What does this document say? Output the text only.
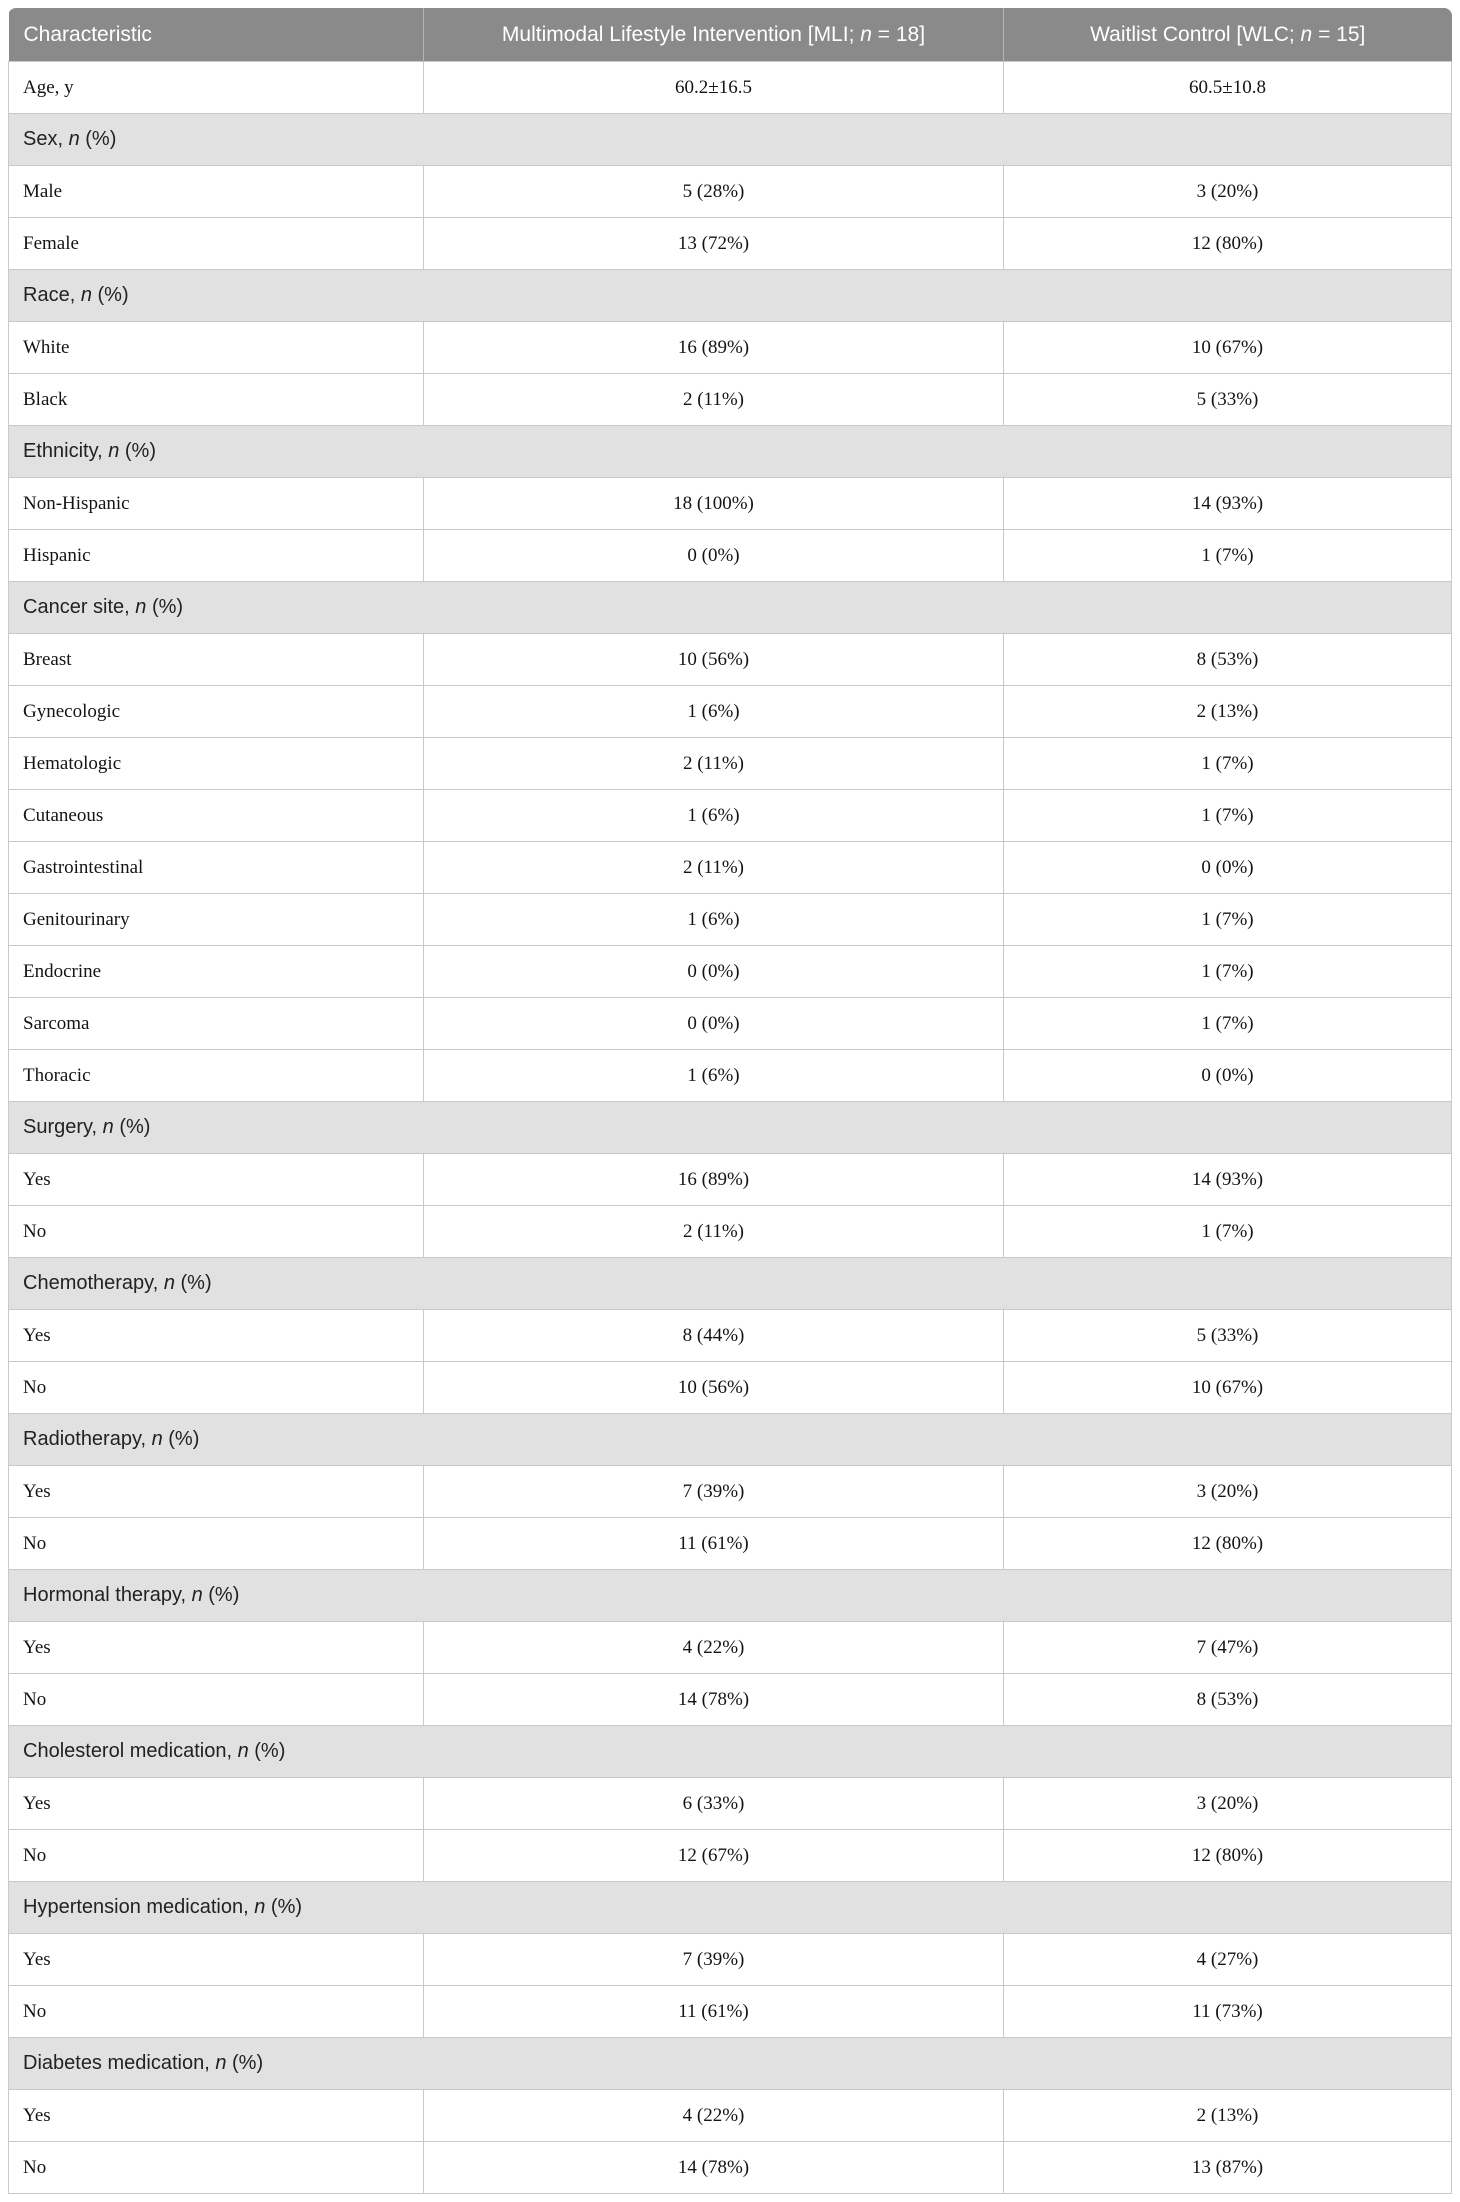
Characteristic	Multimodal Lifestyle Intervention [MLI; n = 18]	Waitlist Control [WLC; n = 15]
Age, y	60.2±16.5	60.5±10.8
Sex, n (%)		
Male	5 (28%)	3 (20%)
Female	13 (72%)	12 (80%)
Race, n (%)		
White	16 (89%)	10 (67%)
Black	2 (11%)	5 (33%)
Ethnicity, n (%)		
Non-Hispanic	18 (100%)	14 (93%)
Hispanic	0 (0%)	1 (7%)
Cancer site, n (%)		
Breast	10 (56%)	8 (53%)
Gynecologic	1 (6%)	2 (13%)
Hematologic	2 (11%)	1 (7%)
Cutaneous	1 (6%)	1 (7%)
Gastrointestinal	2 (11%)	0 (0%)
Genitourinary	1 (6%)	1 (7%)
Endocrine	0 (0%)	1 (7%)
Sarcoma	0 (0%)	1 (7%)
Thoracic	1 (6%)	0 (0%)
Surgery, n (%)		
Yes	16 (89%)	14 (93%)
No	2 (11%)	1 (7%)
Chemotherapy, n (%)		
Yes	8 (44%)	5 (33%)
No	10 (56%)	10 (67%)
Radiotherapy, n (%)		
Yes	7 (39%)	3 (20%)
No	11 (61%)	12 (80%)
Hormonal therapy, n (%)		
Yes	4 (22%)	7 (47%)
No	14 (78%)	8 (53%)
Cholesterol medication, n (%)		
Yes	6 (33%)	3 (20%)
No	12 (67%)	12 (80%)
Hypertension medication, n (%)		
Yes	7 (39%)	4 (27%)
No	11 (61%)	11 (73%)
Diabetes medication, n (%)		
Yes	4 (22%)	2 (13%)
No	14 (78%)	13 (87%)
